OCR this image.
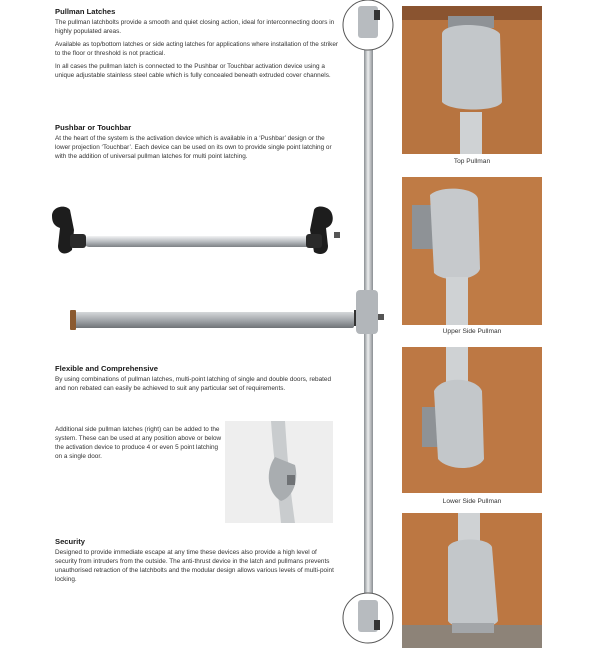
Pullman Latches

The pullman latchbolts provide a smooth and quiet closing action, ideal for interconnecting doors in highly populated areas.

Available as top/bottom latches or side acting latches for applications where installation of the striker to the floor or threshold is not practical.

In all cases the pullman latch is connected to the Pushbar or Touchbar activation device using a unique adjustable stainless steel cable which is fully concealed beneath extruded cover channels.

Pushbar or Touchbar

At the heart of the system is the activation device which is available in a ‘Pushbar’ design or the lower projection ‘Touchbar’. Each device can be used on its own to provide single point latching or with the addition of universal pullman latches for multi point latching.

Flexible and Comprehensive

By using combinations of pullman latches, multi-point latching of single and double doors, rebated and non rebated can easily be achieved to suit any particular set of requirements.

Additional side pullman latches (right) can be added to the system. These can be used at any position above or below the activation device to produce 4 or even 5 point latching on a single door.

Security

Designed to provide immediate escape at any time these devices also provide a high level of security from intruders from the outside. The anti-thrust device in the latch and pullmans prevents unauthorised retraction of the latchbolts and the modular design allows various levels of multi-point locking.

Top Pullman
Upper Side Pullman
Lower Side Pullman
